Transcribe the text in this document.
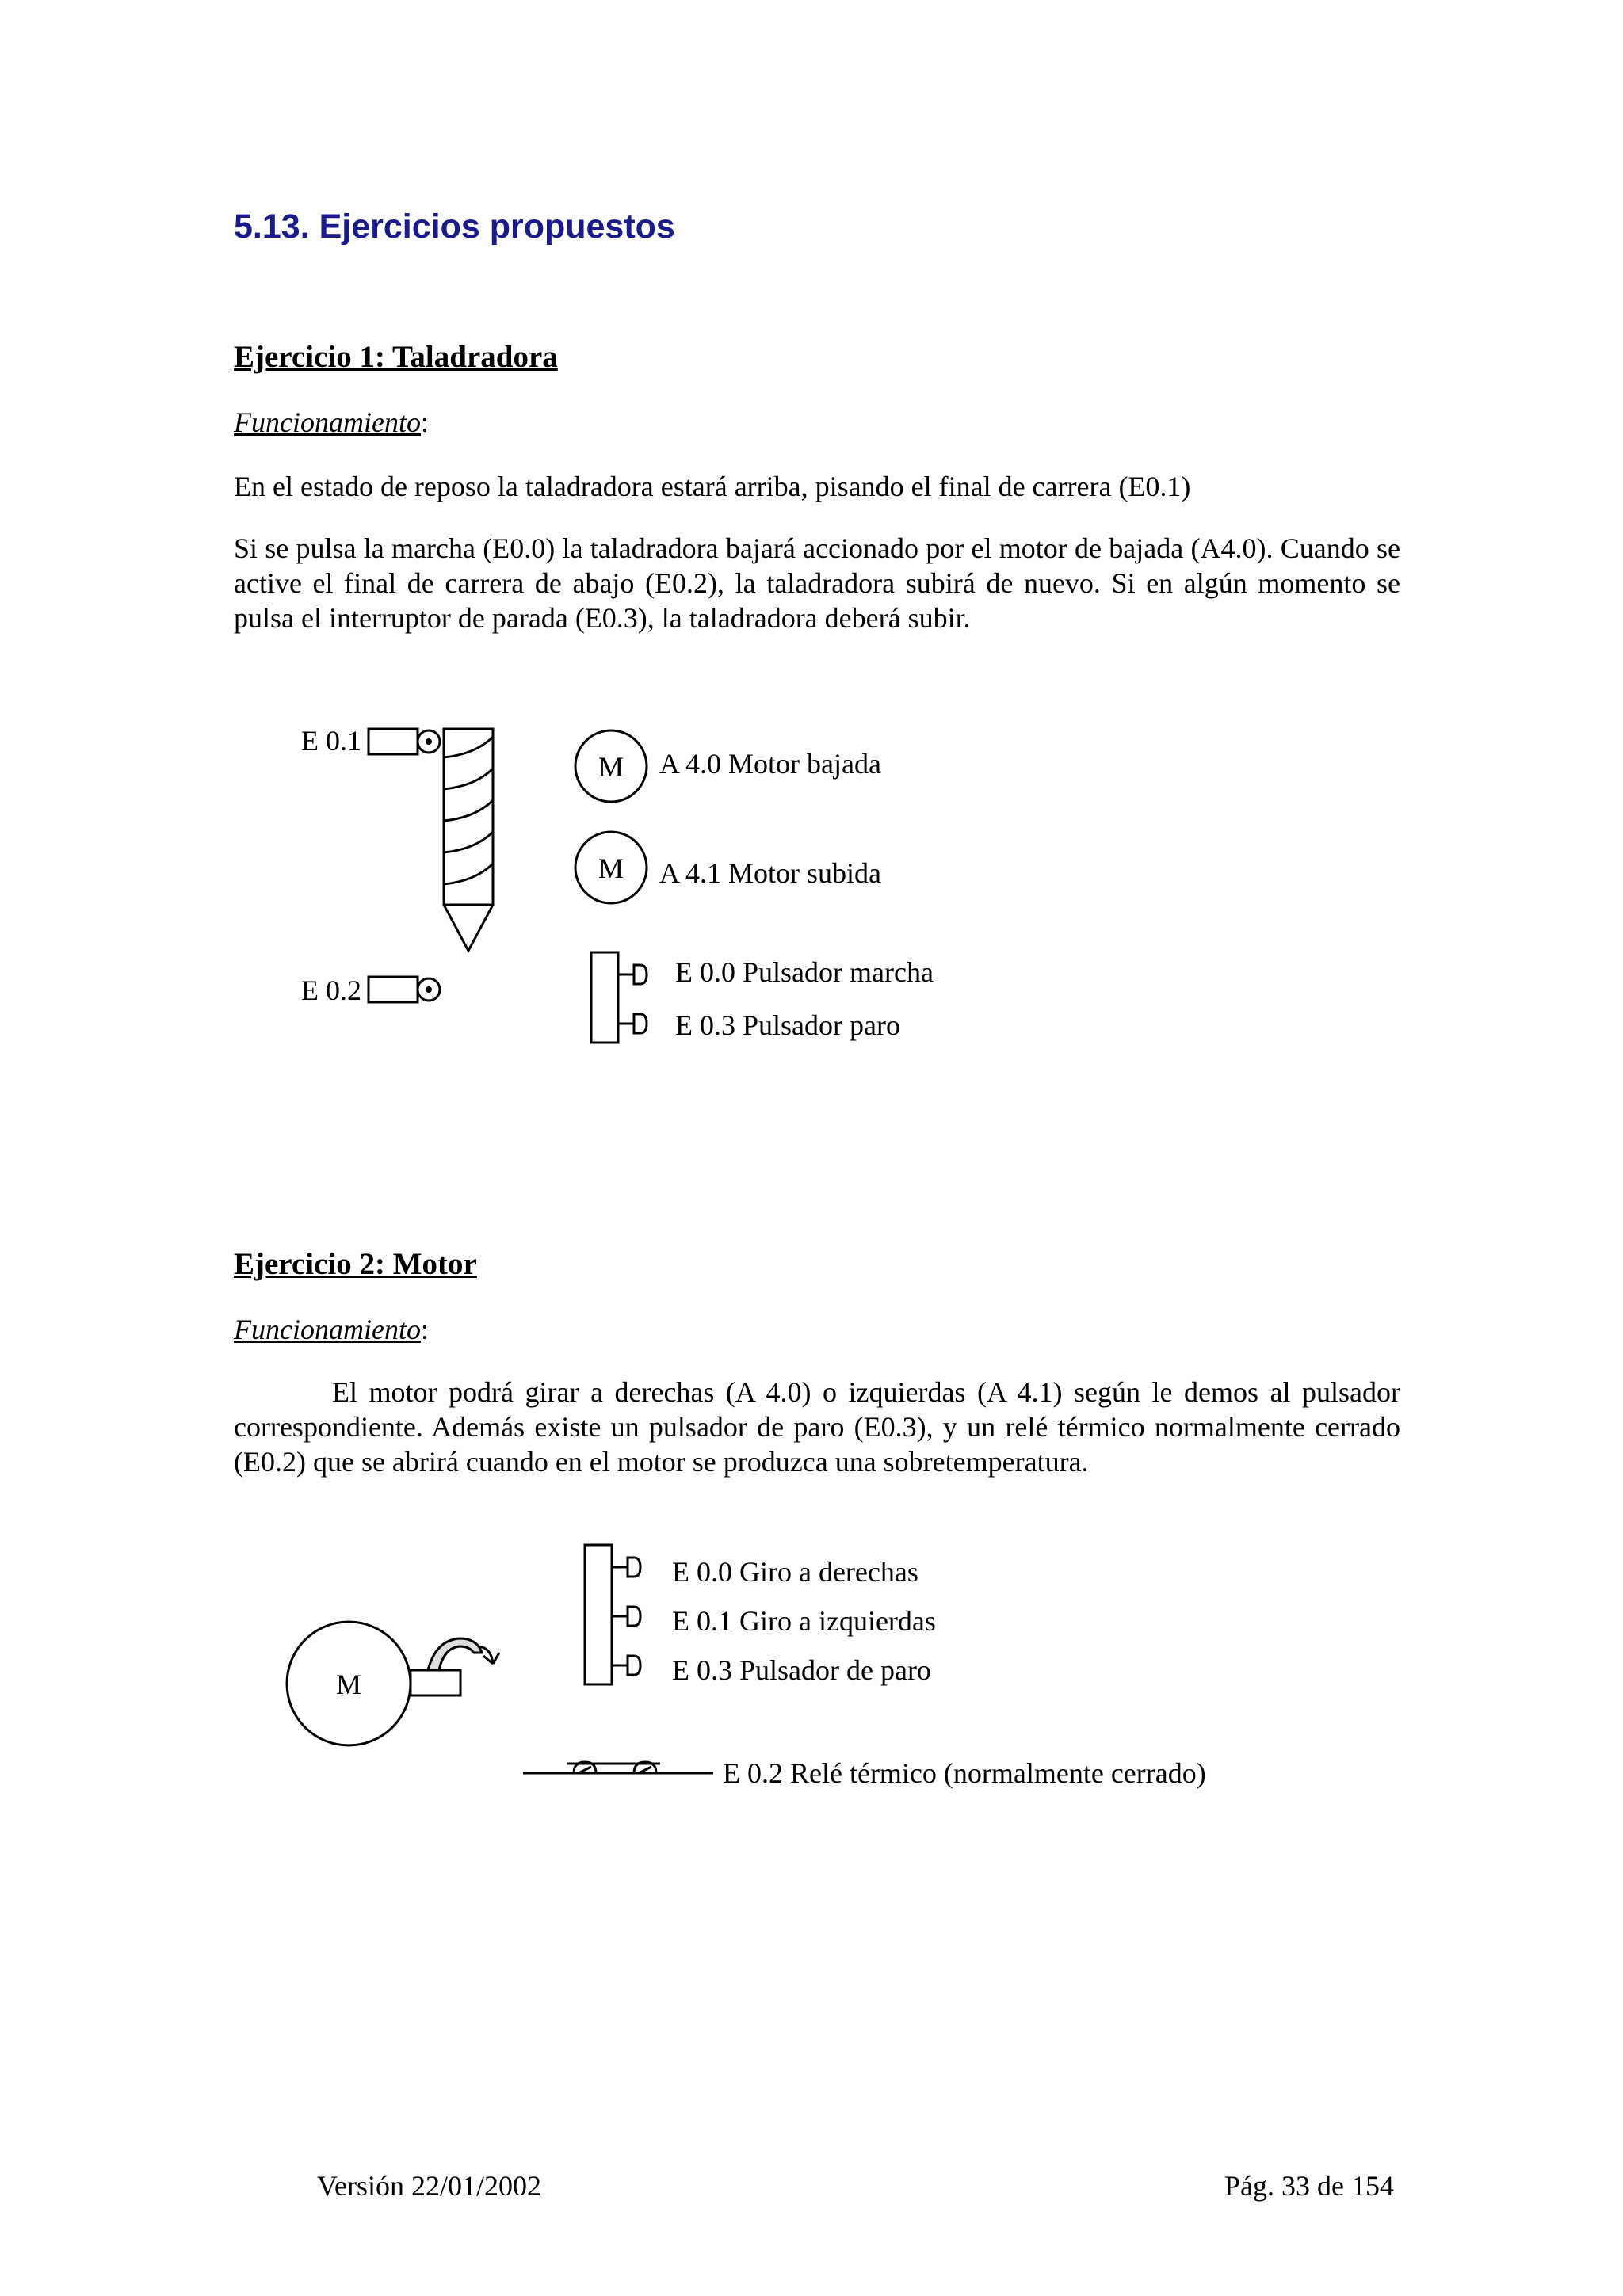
5.13. Ejercicios propuestos
Ejercicio 1: Taladradora

Funcionamiento:

En el estado de reposo la taladradora estará arriba, pisando el final de carrera (E0.1)

Si se pulsa la marcha (E0.0) la taladradora bajará accionado por el motor de bajada (A4.0). Cuando se active el final de carrera de abajo (E0.2), la taladradora subirá de nuevo. Si en algún momento se pulsa el interruptor de parada (E0.3), la taladradora deberá subir.

E 0.1
E 0.2
M A 4.0 Motor bajada
M A 4.1 Motor subida
E 0.0 Pulsador marcha
E 0.3 Pulsador paro
Ejercicio 2: Motor

Funcionamiento:

El motor podrá girar a derechas (A 4.0) o izquierdas (A 4.1) según le demos al pulsador correspondiente. Además existe un pulsador de paro (E0.3), y un relé térmico normalmente cerrado (E0.2) que se abrirá cuando en el motor se produzca una sobretemperatura.

M
E 0.0 Giro a derechas
E 0.1 Giro a izquierdas
E 0.3 Pulsador de paro
E 0.2 Relé térmico (normalmente cerrado)

Versión 22/01/2002	Pág. 33 de 154
